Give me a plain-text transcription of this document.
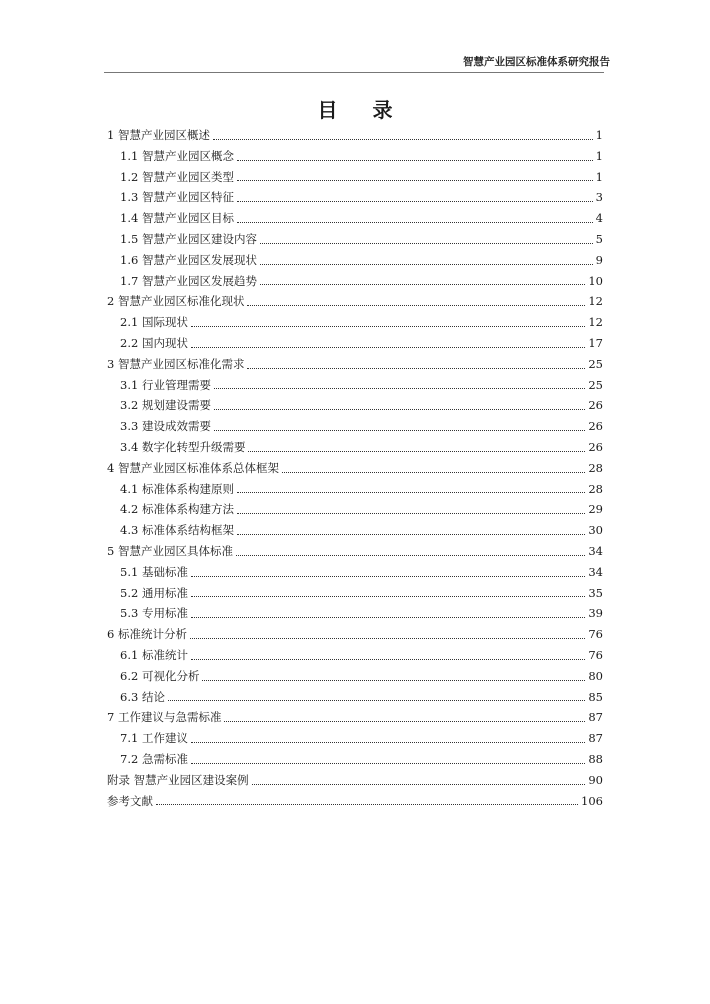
智慧产业园区标准体系研究报告
目 录
1 智慧产业园区概述	1
1.1 智慧产业园区概念	1
1.2 智慧产业园区类型	1
1.3 智慧产业园区特征	3
1.4 智慧产业园区目标	4
1.5 智慧产业园区建设内容	5
1.6 智慧产业园区发展现状	9
1.7 智慧产业园区发展趋势	10
2 智慧产业园区标准化现状	12
2.1 国际现状	12
2.2 国内现状	17
3 智慧产业园区标准化需求	25
3.1 行业管理需要	25
3.2 规划建设需要	26
3.3 建设成效需要	26
3.4 数字化转型升级需要	26
4 智慧产业园区标准体系总体框架	28
4.1 标准体系构建原则	28
4.2 标准体系构建方法	29
4.3 标准体系结构框架	30
5 智慧产业园区具体标准	34
5.1 基础标准	34
5.2 通用标准	35
5.3 专用标准	39
6 标准统计分析	76
6.1 标准统计	76
6.2 可视化分析	80
6.3 结论	85
7 工作建议与急需标准	87
7.1 工作建议	87
7.2 急需标准	88
附录 智慧产业园区建设案例	90
参考文献	106
